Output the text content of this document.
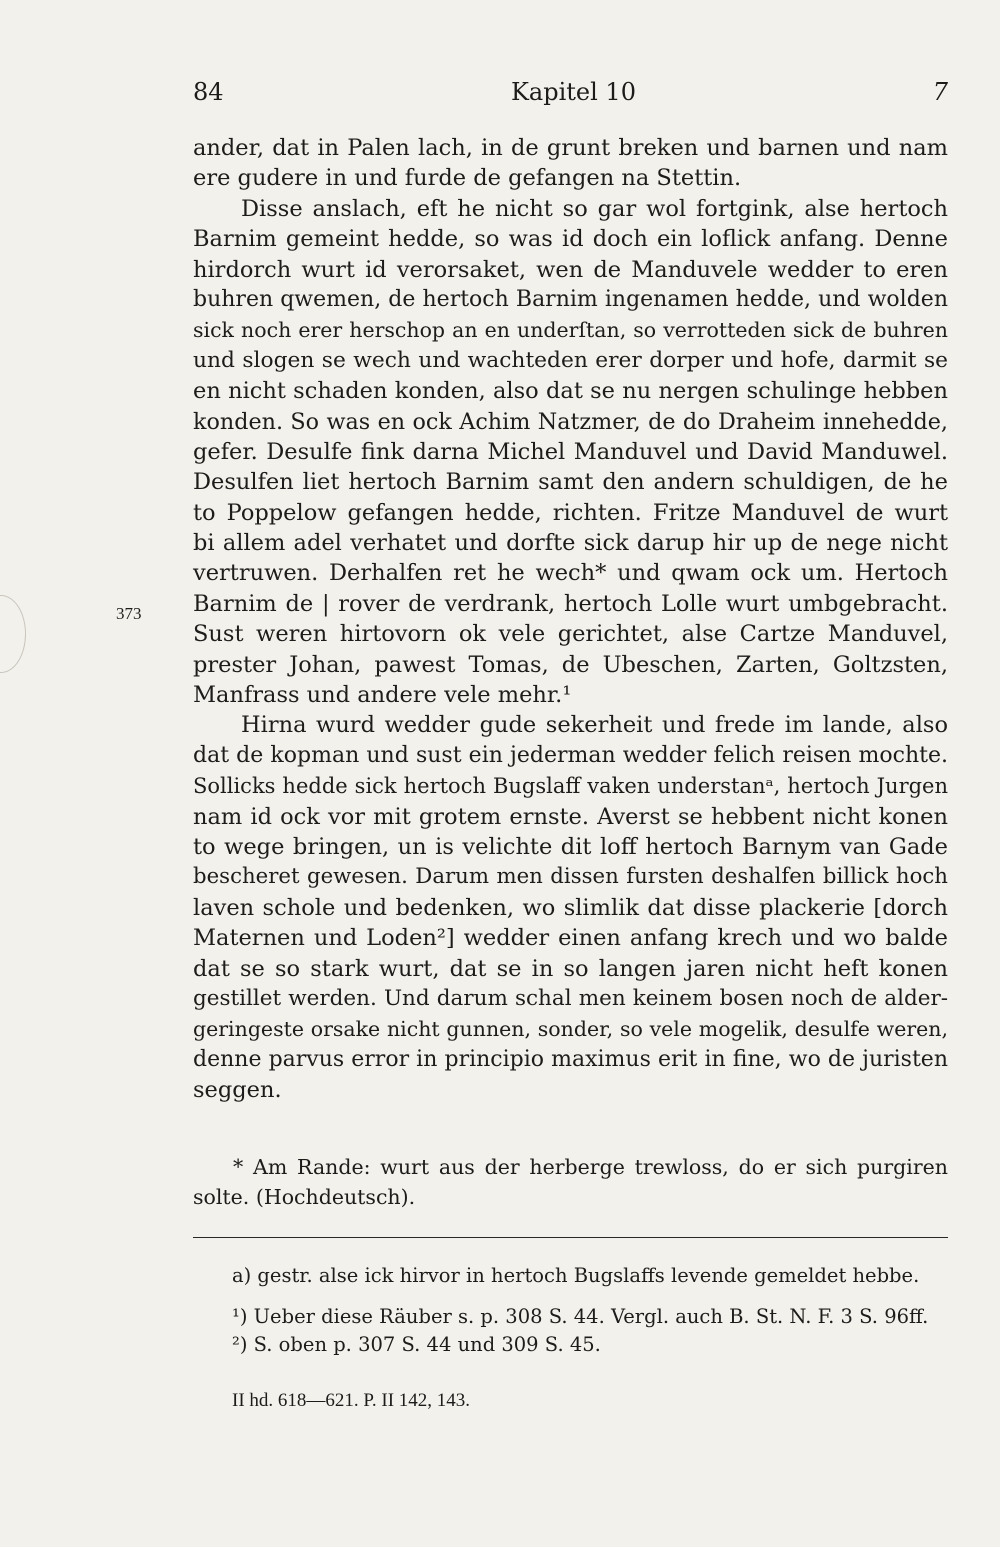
84	Kapitel 10	7
373
ander, dat in Palen lach, in de grunt breken und barnen und nam
ere gudere in und furde de gefangen na Stettin.
Disse anslach, eft he nicht so gar wol fortgink, alse hertoch
Barnim gemeint hedde, so was id doch ein loflick anfang. Denne
hirdorch wurt id verorsaket, wen de Manduvele wedder to eren
buhren qwemen, de hertoch Barnim ingenamen hedde, und wolden
sick noch erer herschop an en underſtan, so verrotteden sick de buhren
und slogen se wech und wachteden erer dorper und hofe, darmit se
en nicht schaden konden, also dat se nu nergen schulinge hebben
konden. So was en ock Achim Natzmer, de do Draheim innehedde,
gefer. Desulfe fink darna Michel Manduvel und David Manduwel.
Desulfen liet hertoch Barnim samt den andern schuldigen, de he
to Poppelow gefangen hedde, richten. Fritze Manduvel de wurt
bi allem adel verhatet und dorfte sick darup hir up de nege nicht
vertruwen. Derhalfen ret he wech* und qwam ock um. Hertoch
Barnim de | rover de verdrank, hertoch Lolle wurt umbgebracht.
Sust weren hirtovorn ok vele gerichtet, alse Cartze Manduvel,
prester Johan, pawest Tomas, de Ubeschen, Zarten, Goltzsten,
Manfrass und andere vele mehr.¹
Hirna wurd wedder gude sekerheit und frede im lande, also
dat de kopman und sust ein jederman wedder felich reisen mochte.
Sollicks hedde sick hertoch Bugslaff vaken understanᵃ, hertoch Jurgen
nam id ock vor mit grotem ernste. Averst se hebbent nicht konen
to wege bringen, un is velichte dit loff hertoch Barnym van Gade
bescheret gewesen. Darum men dissen fursten deshalfen billick hoch
laven schole und bedenken, wo slimlik dat disse plackerie [dorch
Maternen und Loden²] wedder einen anfang krech und wo balde
dat se so stark wurt, dat se in so langen jaren nicht heft konen
gestillet werden. Und darum schal men keinem bosen noch de alder-
geringeste orsake nicht gunnen, sonder, so vele mogelik, desulfe weren,
denne parvus error in principio maximus erit in fine, wo de juristen
seggen.
* Am Rande: wurt aus der herberge trewloss, do er sich purgiren
solte. (Hochdeutsch).
a) gestr. alse ick hirvor in hertoch Bugslaffs levende gemeldet hebbe.
¹) Ueber diese Räuber s. p. 308 S. 44. Vergl. auch B. St. N. F. 3 S. 96ff.
²) S. oben p. 307 S. 44 und 309 S. 45.
II hd. 618—621. P. II 142, 143.
